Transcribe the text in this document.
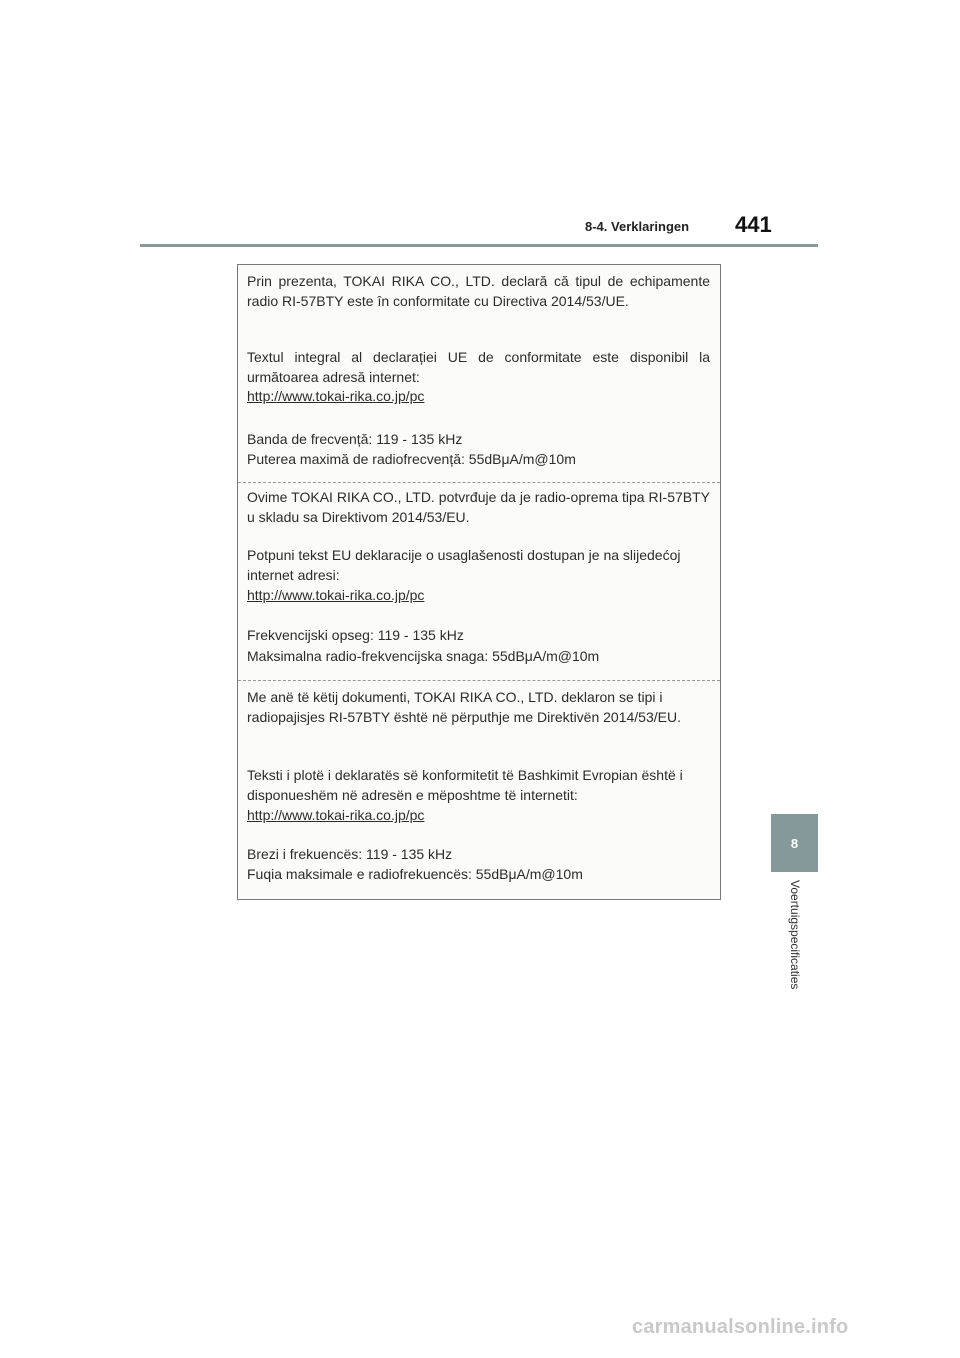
8-4. Verklaringen 441

Prin prezenta, TOKAI RIKA CO., LTD. declară că tipul de echipamente radio RI-57BTY este în conformitate cu Directiva 2014/53/UE.

Textul integral al declarației UE de conformitate este disponibil la următoarea adresă internet:

http://www.tokai-rika.co.jp/pc

Banda de frecvență: 119 - 135 kHz

Puterea maximă de radiofrecvență: 55dBμA/m@10m

Ovime TOKAI RIKA CO., LTD. potvrđuje da je radio-oprema tipa RI-57BTY u skladu sa Direktivom 2014/53/EU.

Potpuni tekst EU deklaracije o usaglašenosti dostupan je na slijedećoj internet adresi:

http://www.tokai-rika.co.jp/pc

Frekvencijski opseg: 119 - 135 kHz

Maksimalna radio-frekvencijska snaga: 55dBμA/m@10m

Me anë të këtij dokumenti, TOKAI RIKA CO., LTD. deklaron se tipi i radiopajisjes RI-57BTY është në përputhje me Direktivën 2014/53/EU.

Teksti i plotë i deklaratës së konformitetit të Bashkimit Evropian është i disponueshëm në adresën e mëposhtme të internetit:

http://www.tokai-rika.co.jp/pc

Brezi i frekuencës: 119 - 135 kHz

Fuqia maksimale e radiofrekuencës: 55dBμA/m@10m

8
Voertuigspecificaties
carmanualsonline.info
